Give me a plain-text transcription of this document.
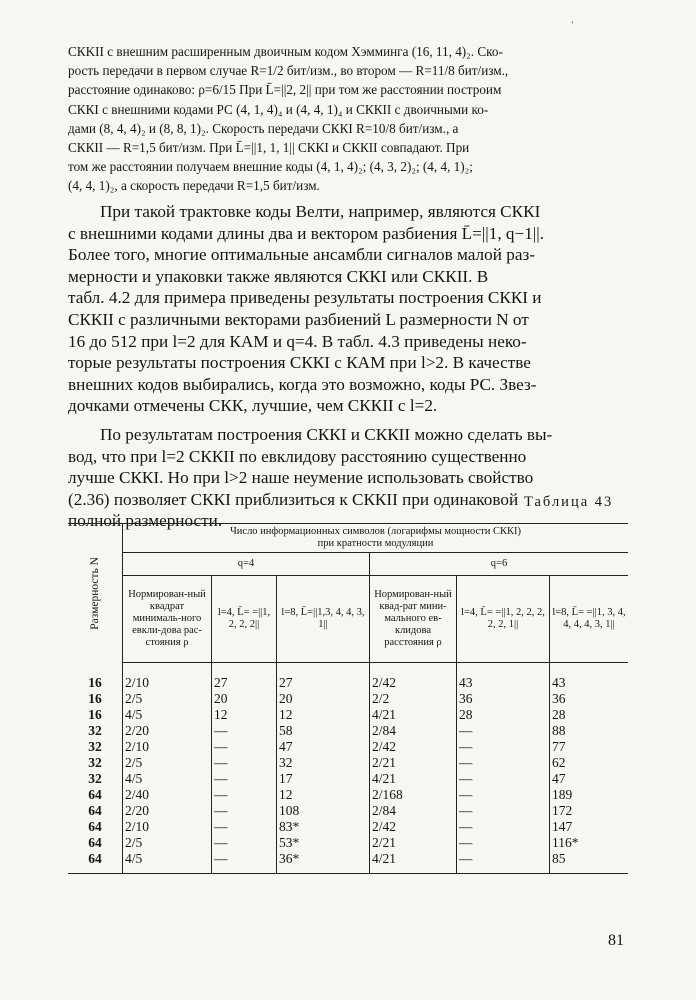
'
СКKII с внешним расширенным двоичным кодом Хэмминга (16, 11, 4)₂. Ско-
рость передачи в первом случае R=1/2 бит/изм., во втором — R=11/8 бит/изм.,
расстояние одинаково: ρ=6/15 При L̄=||2, 2|| при том же расстоянии построим
СККI с внешними кодами РС (4, 1, 4)₄ и (4, 4, 1)₄ и СККII с двоичными ко-
дами (8, 4, 4)₂ и (8, 8, 1)₂. Скорость передачи СККI R=10/8 бит/изм., а
СККII — R=1,5 бит/изм. При L̄=||1, 1, 1|| СККI и СККII совпадают. При
том же расстоянии получаем внешние коды (4, 1, 4)₂; (4, 3, 2)₂; (4, 4, 1)₂;
(4, 4, 1)₂, а скорость передачи R=1,5 бит/изм.
При такой трактовке коды Велти, например, являются СККI
с внешними кодами длины два и вектором разбиения L̄=||1, q−1||.
Более того, многие оптимальные ансамбли сигналов малой раз-
мерности и упаковки также являются СККI или СККII. В
табл. 4.2 для примера приведены результаты построения СККI и
СККII с различными векторами разбиений L размерности N от
16 до 512 при l=2 для КАМ и q=4. В табл. 4.3 приведены неко-
торые результаты построения СККI с КАМ при l>2. В качестве
внешних кодов выбирались, когда это возможно, коды РС. Звез-
дочками отмечены СКК, лучшие, чем СККII с l=2.
По результатам построения СККI и СККII можно сделать вы-
вод, что при l=2 СККII по евклидову расстоянию существенно
лучше СККI. Но при l>2 наше неумение использовать свойство
(2.36) позволяет СККI приблизиться к СККII при одинаковой
полной размерности.
Таблица 43
Размерность N	Число информационных символов (логарифмы мощности СККI)
при кратности модуляции					

	q=4			q=6		
	Нормирован-ный квадрат минималь-ного евкли-дова рас-стояния ρ	l=4, L̄= =||1, 2, 2, 2||	l=8, L̄=||1,3, 4, 4, 3, 1||	Нормирован-ный квад-рат мини-мального ев-клидова расстояния ρ	l=4, L̄= =||1, 2, 2, 2, 2, 2, 1||	l=8, L̄= =||1, 3, 4, 4, 4, 4, 3, 1||
16	2/10	27	27	2/42	43	43
16	2/5	20	20	2/2	36	36
16	4/5	12	12	4/21	28	28
32	2/20	—	58	2/84	—	88
32	2/10	—	47	2/42	—	77
32	2/5	—	32	2/21	—	62
32	4/5	—	17	4/21	—	47
64	2/40	—	12	2/168	—	189
64	2/20	—	108	2/84	—	172
64	2/10	—	83*	2/42	—	147
64	2/5	—	53*	2/21	—	116*
64	4/5	—	36*	4/21	—	85
81
